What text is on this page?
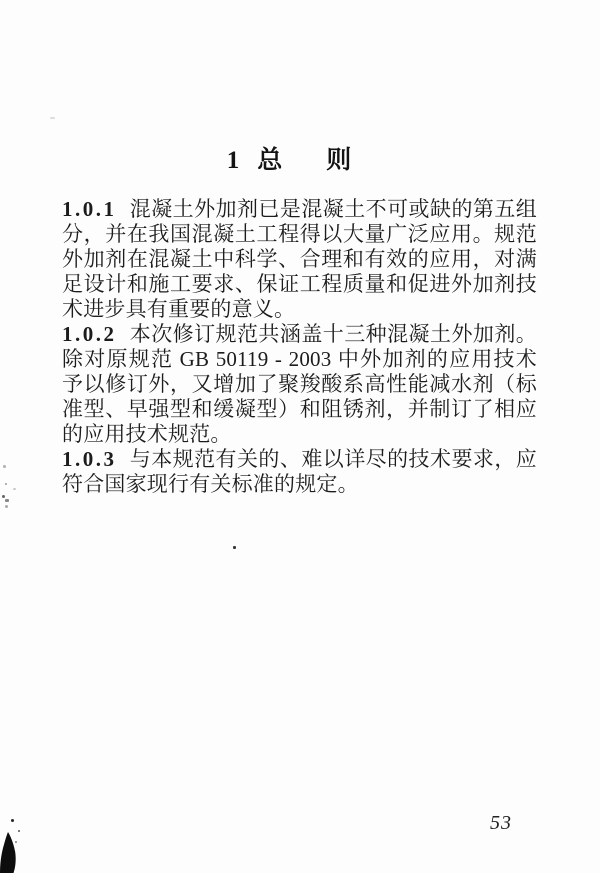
1 总 则

1.0.1 混凝土外加剂已是混凝土不可或缺的第五组分，并在我国混凝土工程得以大量广泛应用。规范外加剂在混凝土中科学、合理和有效的应用，对满足设计和施工要求、保证工程质量和促进外加剂技术进步具有重要的意义。

1.0.2 本次修订规范共涵盖十三种混凝土外加剂。除对原规范 GB 50119 - 2003 中外加剂的应用技术予以修订外，又增加了聚羧酸系高性能减水剂（标准型、早强型和缓凝型）和阻锈剂，并制订了相应的应用技术规范。

1.0.3 与本规范有关的、难以详尽的技术要求，应符合国家现行有关标准的规定。

53
